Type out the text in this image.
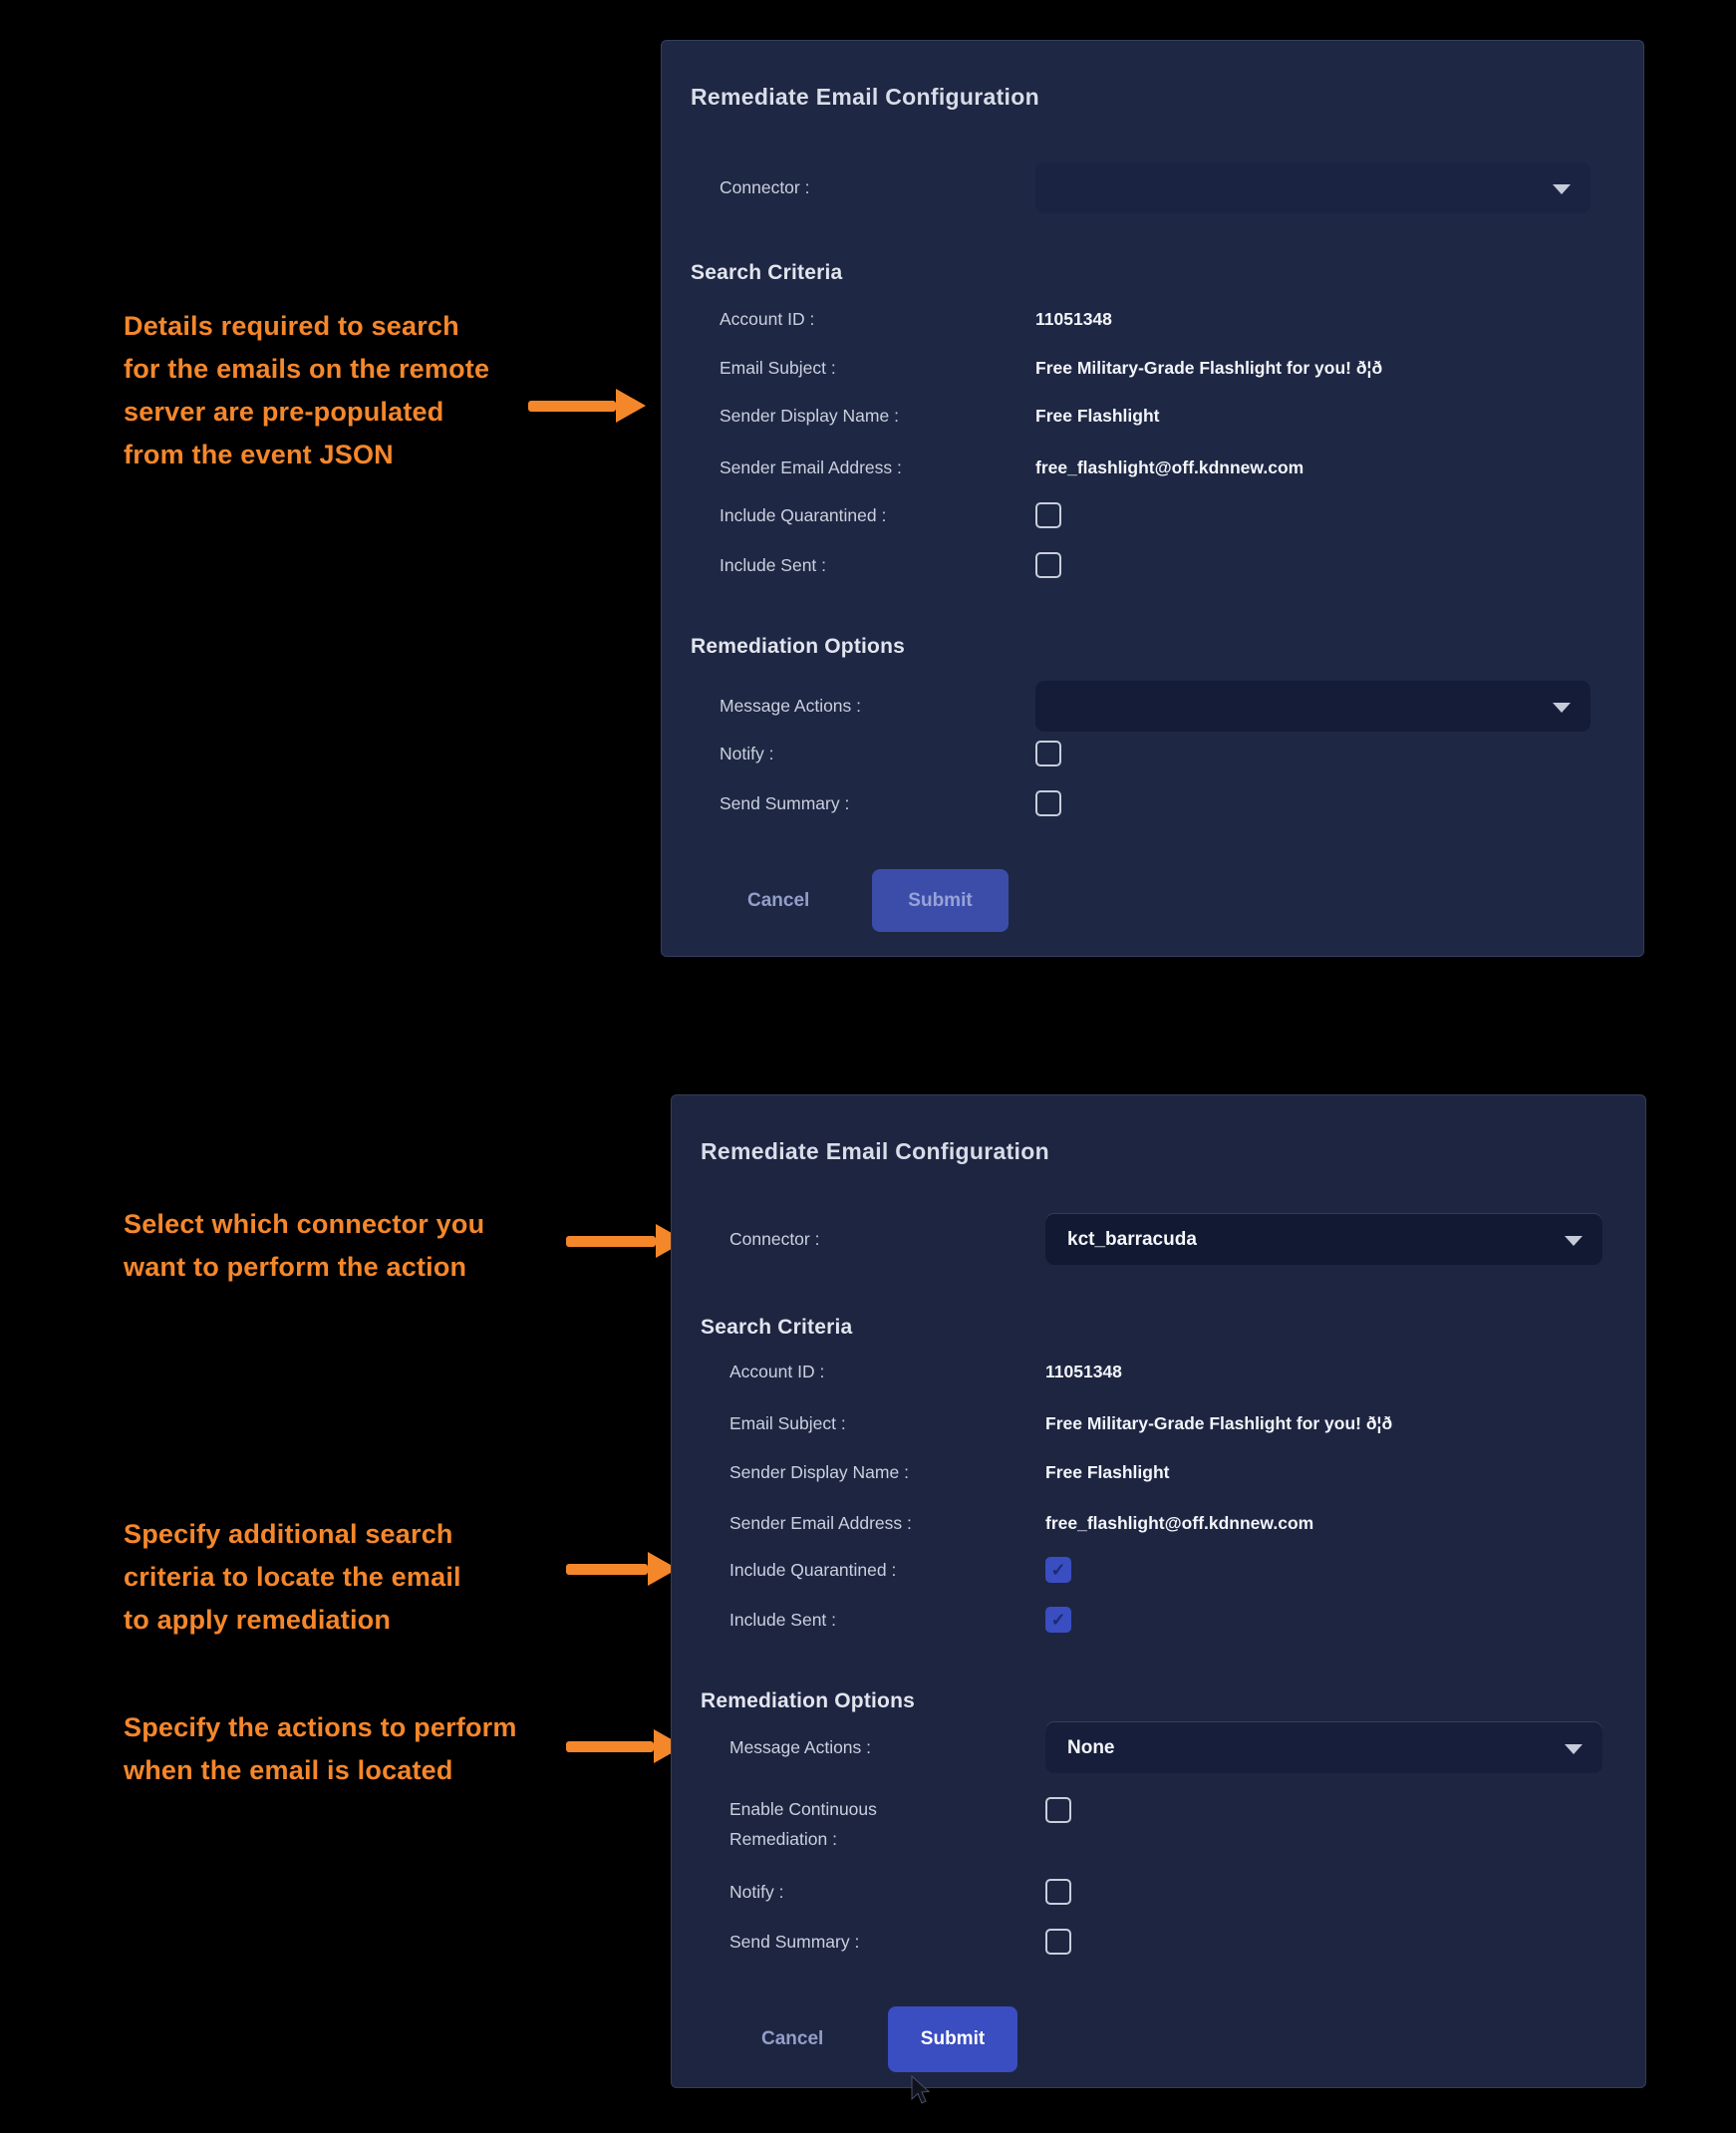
Details required to search
for the emails on the remote
server are pre-populated
from the event JSON
Select which connector you
want to perform the action
Specify additional search
criteria to locate the email
to apply remediation
Specify the actions to perform
when the email is located
Remediate Email Configuration
Connector :
Search Criteria
Account ID :	11051348
Email Subject :	Free Military-Grade Flashlight for you! ð¦ð
Sender Display Name :	Free Flashlight
Sender Email Address :	free_flashlight@off.kdnnew.com
Include Quarantined :
Include Sent :
Remediation Options
Message Actions :
Notify :
Send Summary :
Cancel	Submit
Remediate Email Configuration
Connector :	kct_barracuda
Search Criteria
Account ID :	11051348
Email Subject :	Free Military-Grade Flashlight for you! ð¦ð
Sender Display Name :	Free Flashlight
Sender Email Address :	free_flashlight@off.kdnnew.com
Include Quarantined :
✓
Include Sent :
✓
Remediation Options
Message Actions :	None
Enable Continuous
Remediation :
Notify :
Send Summary :
Cancel	Submit
